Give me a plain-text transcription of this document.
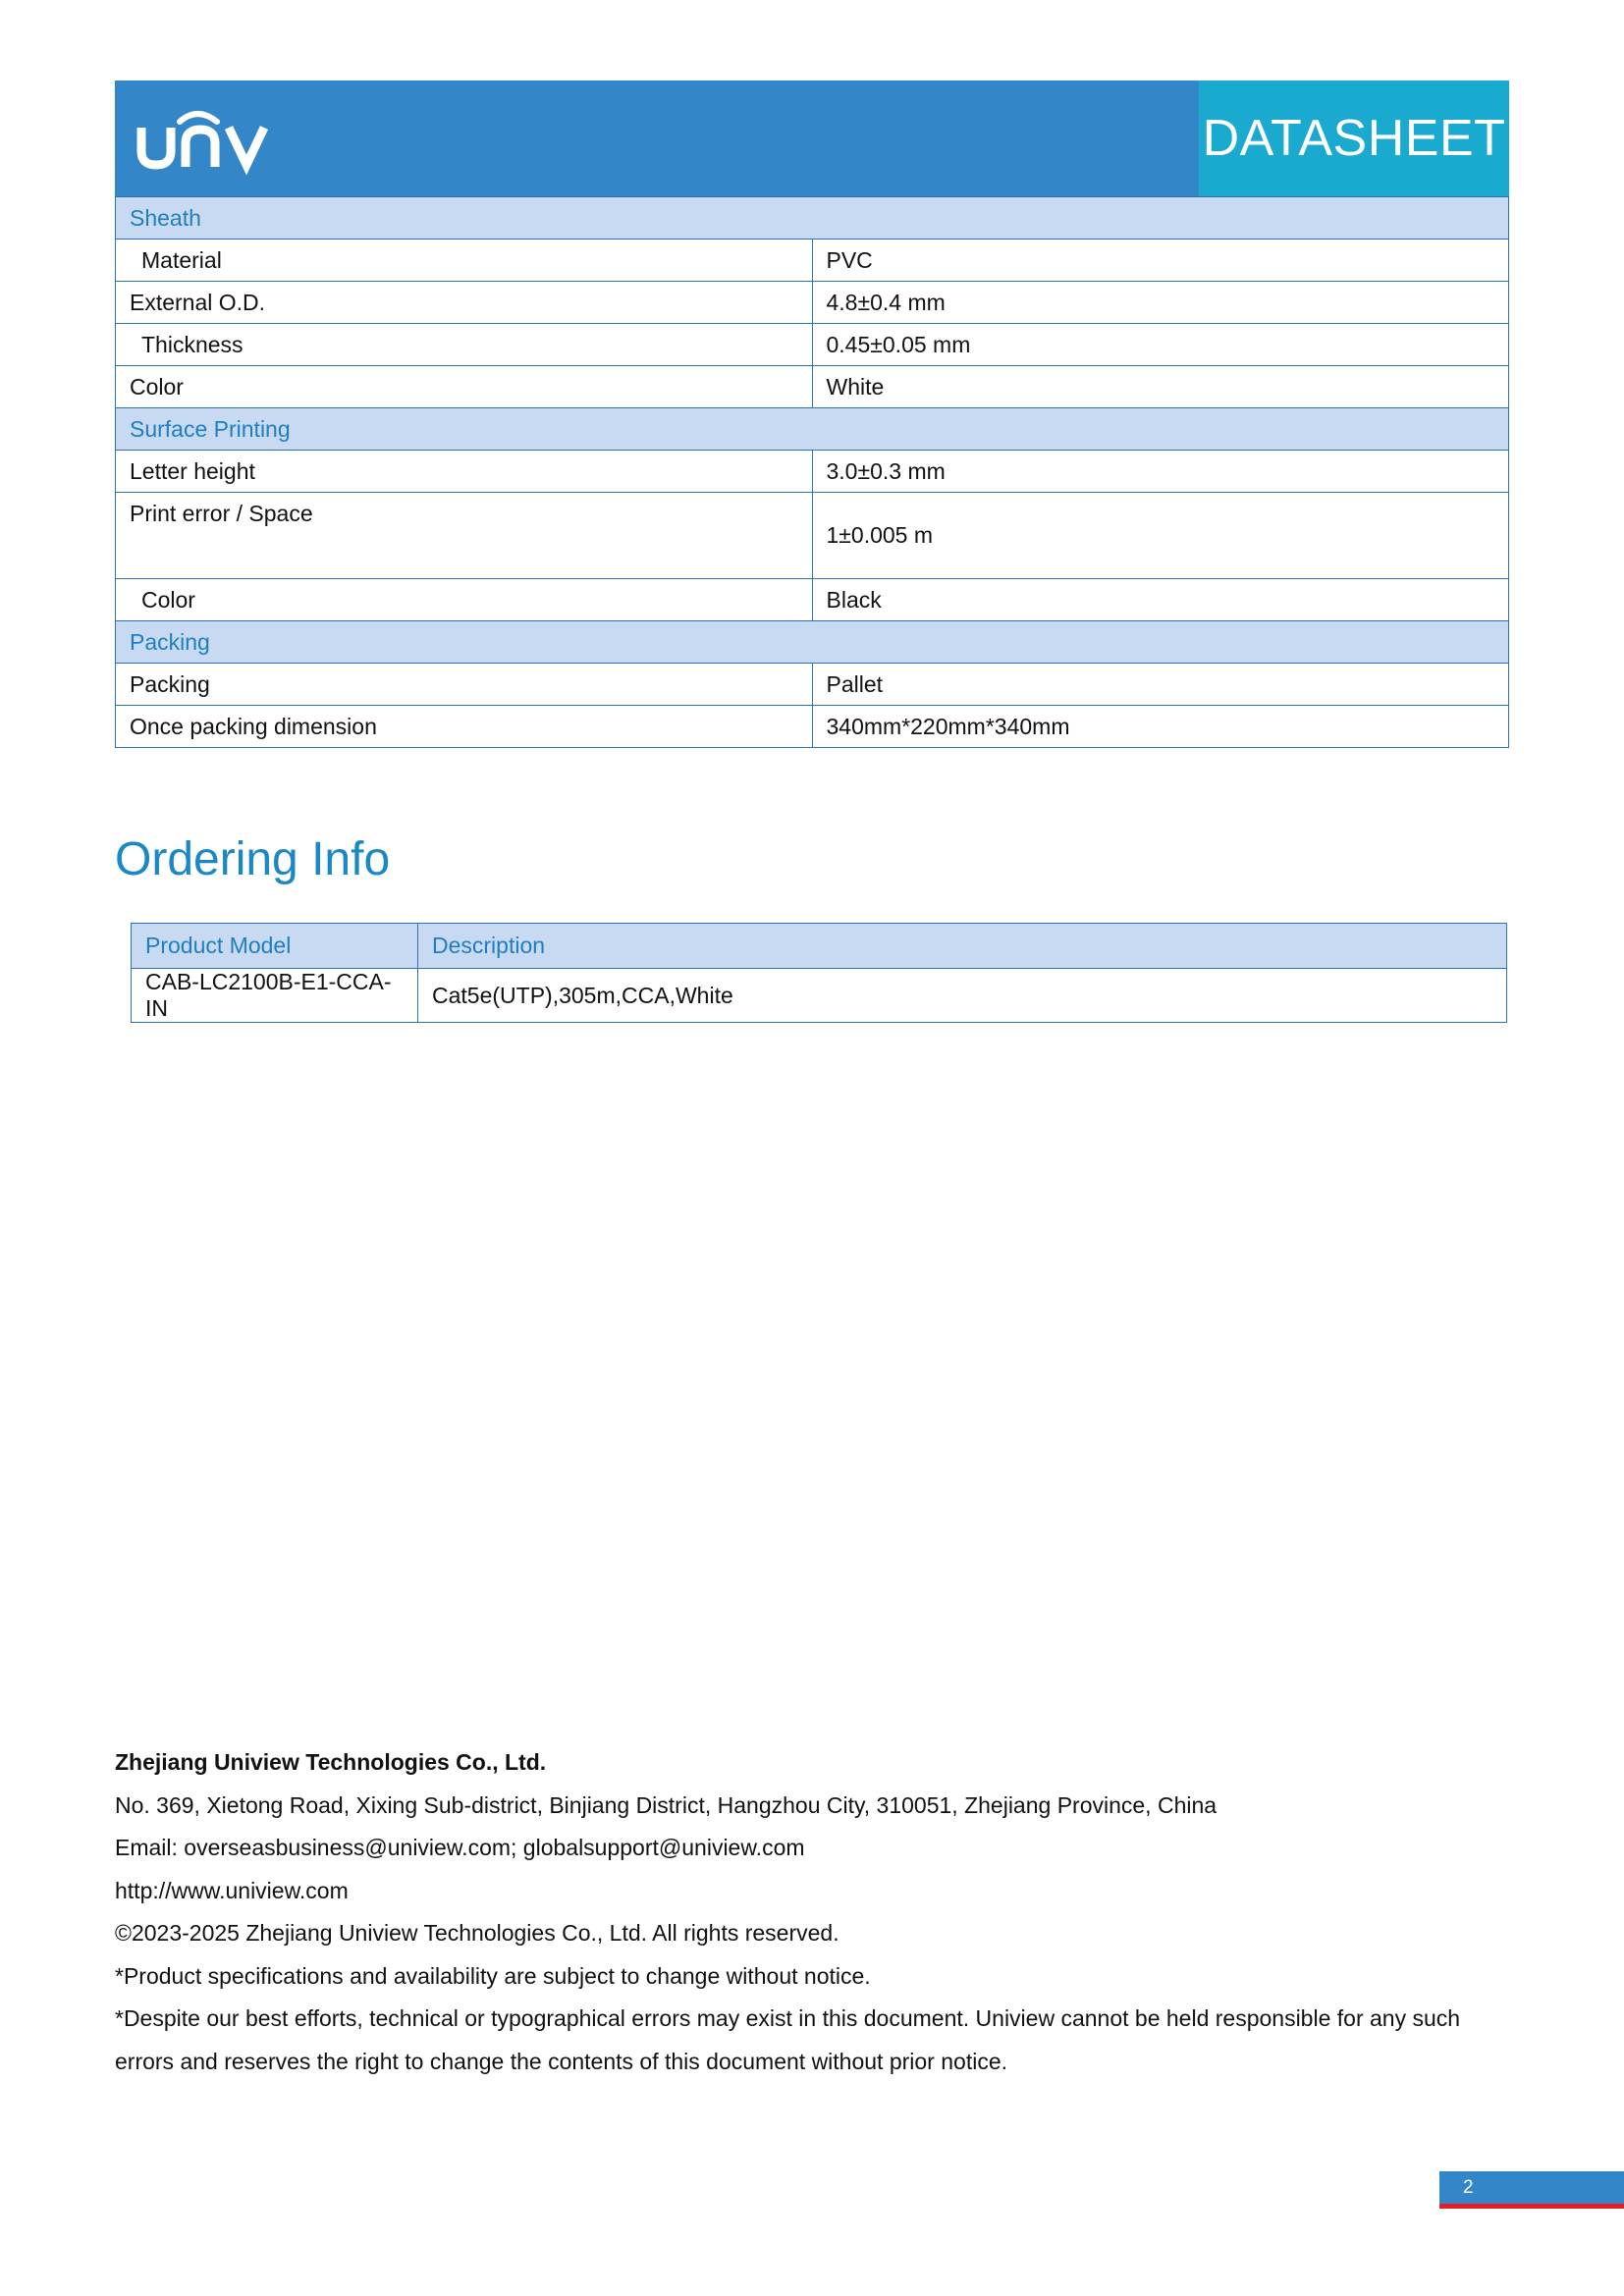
DATASHEET
Sheath	
Material	PVC
External O.D.	4.8±0.4 mm
Thickness	0.45±0.05 mm
Color	White
Surface Printing	
Letter height	3.0±0.3 mm
Print error / Space	1±0.005 m
Color	Black
Packing	
Packing	Pallet
Once packing dimension	340mm*220mm*340mm
Ordering Info
Product Model	Description
CAB-LC2100B-E1-CCA-IN	Cat5e(UTP),305m,CCA,White
Zhejiang Uniview Technologies Co., Ltd.
No. 369, Xietong Road, Xixing Sub-district, Binjiang District, Hangzhou City, 310051, Zhejiang Province, China
Email: overseasbusiness@uniview.com; globalsupport@uniview.com
http://www.uniview.com
©2023-2025 Zhejiang Uniview Technologies Co., Ltd. All rights reserved.
*Product specifications and availability are subject to change without notice.
*Despite our best efforts, technical or typographical errors may exist in this document. Uniview cannot be held responsible for any such errors and reserves the right to change the contents of this document without prior notice.
2
